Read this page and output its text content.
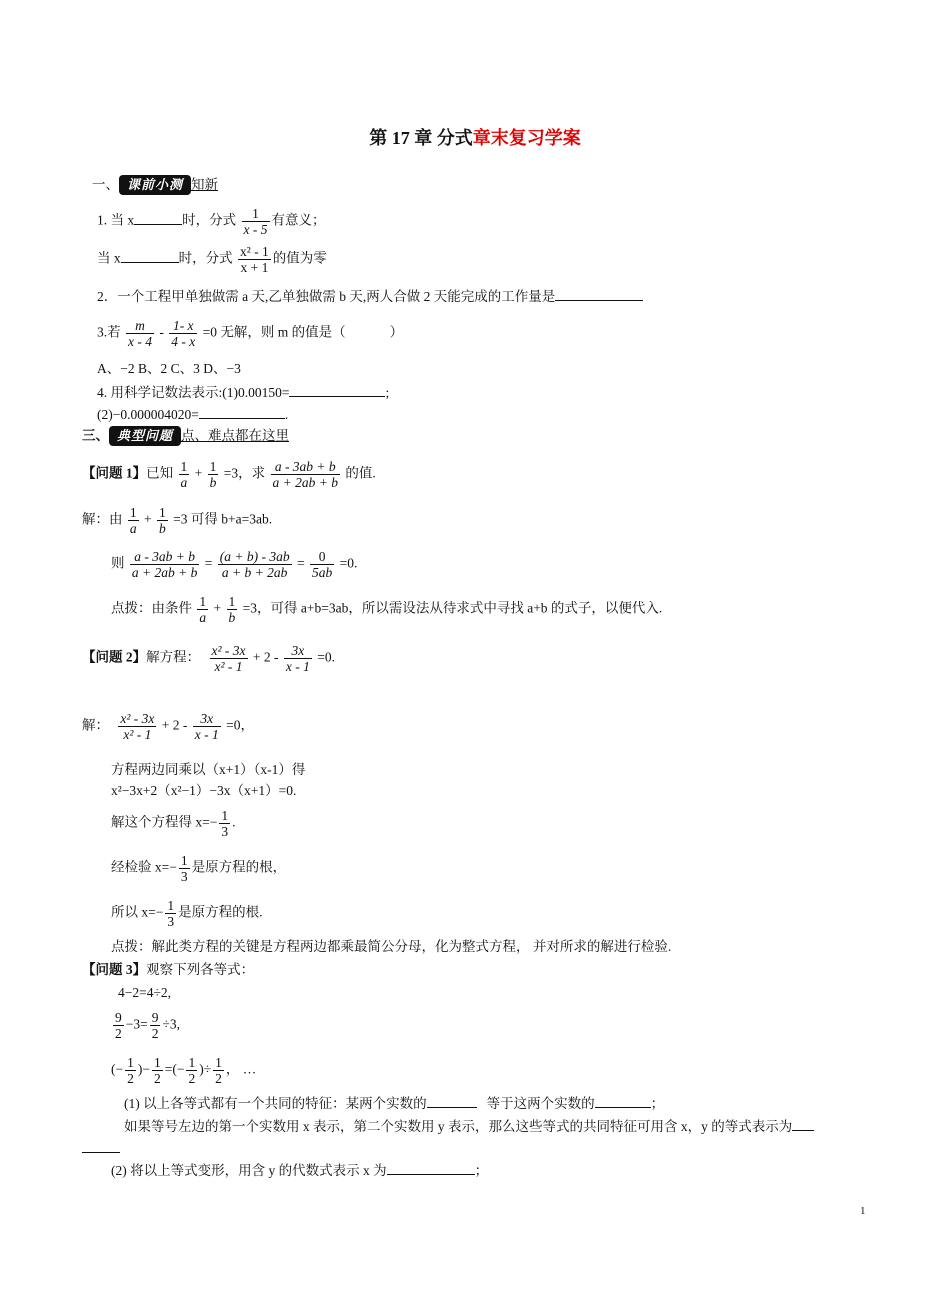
第 17 章 分式章末复习学案
一、 课前小测 知新
1. 当 x	时，分式 $\frac{1}{x - 5}$ 有意义；
当 x	时，分式 $\frac{\text{x² - 1}}{x + 1}$ 的值为零
2．一个工程甲单独做需 a 天,乙单独做需 b 天,两人合做 2 天能完成的工作量是
3.若 $\frac{m}{x - 4} - \frac{1- x}{4 - x} =0$ 无解，则 m 的值是（	）
A、−2 B、2 C、3 D、−3
4. 用科学记数法表示:(1)0.00150=	;
(2)−0.000004020=	.
三、 典型问题 点、难点都在这里
【问题 1】已知 $\frac{1}{a} + \frac{1}{b} =3$，求 $\frac{a - 3ab + b}{a + 2ab + b}$ 的值.
解：由 $\frac{1}{a} + \frac{1}{b} =3$ 可得 b+a=3ab.
则 $\frac{a - 3ab + b}{a + 2ab + b} = \frac{(a + b) - 3ab}{a + b + 2ab} = \frac{0}{5ab} =0$.
点拨：由条件 $\frac{1}{a} + \frac{1}{b} =3$，可得 a+b=3ab，所以需设法从待求式中寻找 a+b 的式子，以便代入.
【问题 2】解方程： $\frac{\text{x² - 3x}}{\text{x² - 1}} + 2 - \frac{3x}{x - 1} =0$.
解： $\frac{\text{x² - 3x}}{\text{x² - 1}} + 2 - \frac{3x}{x - 1} =0$，
方程两边同乘以（x+1）（x-1）得
x²−3x+2（x²−1）−3x（x+1）=0.
解这个方程得 $x=- \frac{1}{3}$ .
经检验 $x=- \frac{1}{3}$ 是原方程的根，
所以 $x=- \frac{1}{3}$ 是原方程的根.
点拨：解此类方程的关键是方程两边都乘最简公分母，化为整式方程， 并对所求的解进行检验.
【问题 3】观察下列各等式：
4−2=4÷2,
$\frac{9}{2} -3= \frac{9}{2} \div 3$,
(− $\frac{1}{2}$ )− $\frac{1}{2}$ =(− $\frac{1}{2}$ )÷ $\frac{1}{2}$ ， …
(1) 以上各等式都有一个共同的特征：某两个实数的	等于这两个实数的	；
如果等号左边的第一个实数用 x 表示，第二个实数用 y 表示，那么这些等式的共同特征可用含 x，y 的等式表示为
(2) 将以上等式变形，用含 y 的代数式表示 x 为	；
1
